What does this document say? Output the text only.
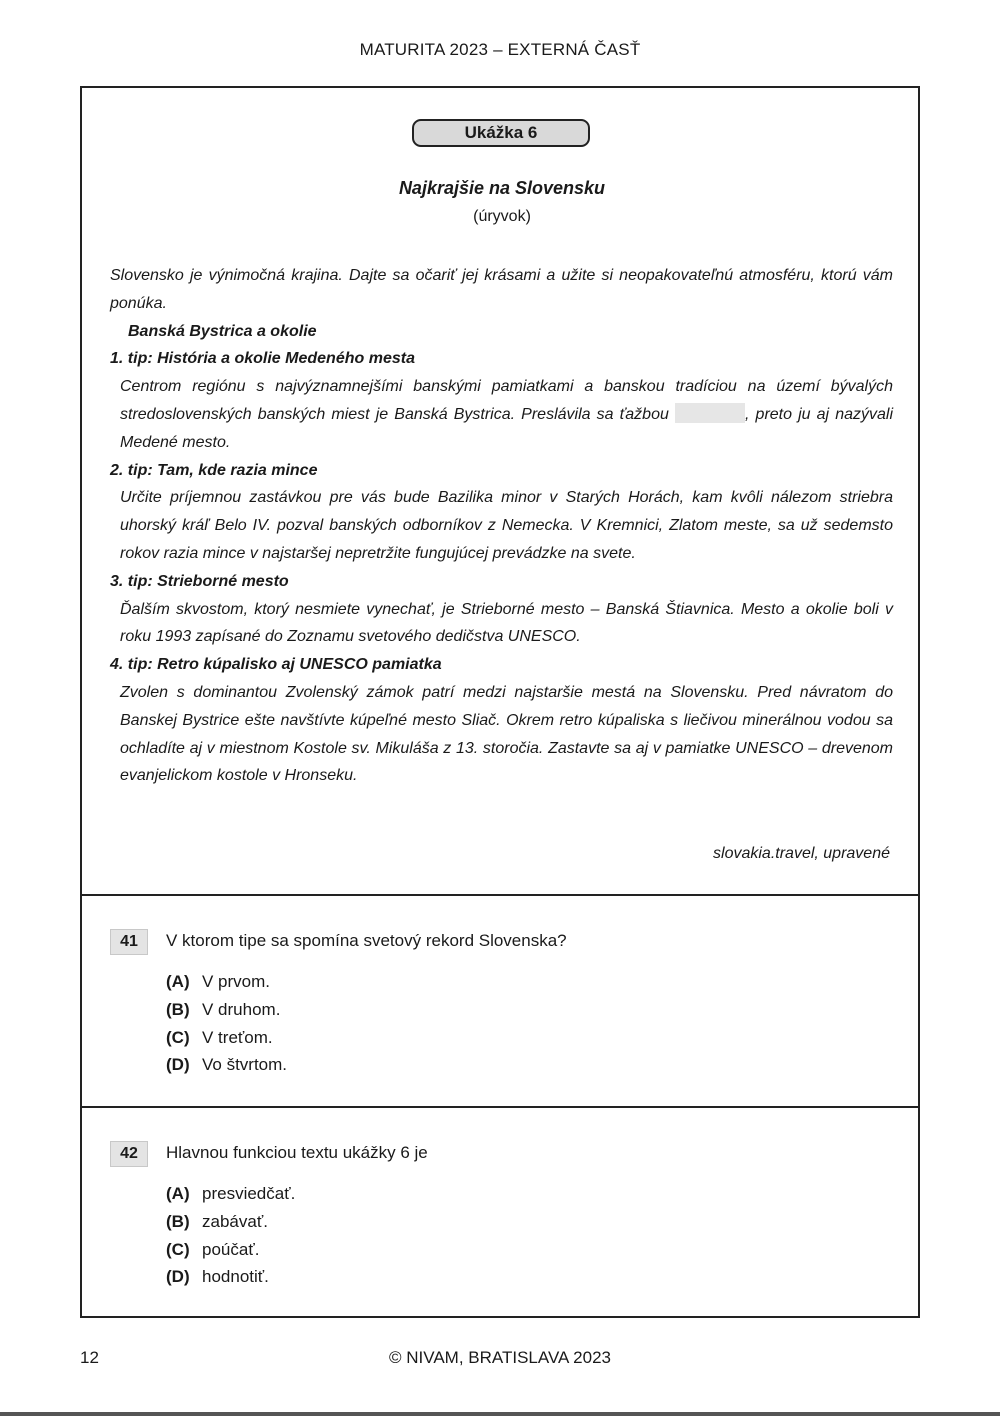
MATURITA 2023 – EXTERNÁ ČASŤ
Ukážka 6
Najkrajšie na Slovensku
(úryvok)

Slovensko je výnimočná krajina. Dajte sa očariť jej krásami a užite si neopakovateľnú atmosféru, ktorú vám ponúka.

Banská Bystrica a okolie

1. tip: História a okolie Medeného mesta

Centrom regiónu s najvýznamnejšími banskými pamiatkami a banskou tradíciou na území bývalých stredoslovenských banských miest je Banská Bystrica. Preslávila sa ťažbou	, preto ju aj nazývali Medené mesto.

2. tip: Tam, kde razia mince

Určite príjemnou zastávkou pre vás bude Bazilika minor v Starých Horách, kam kvôli nálezom striebra uhorský kráľ Belo IV. pozval banských odborníkov z Nemecka. V Kremnici, Zlatom meste, sa už sedemsto rokov razia mince v najstaršej nepretržite fungujúcej prevádzke na svete.

3. tip: Strieborné mesto

Ďalším skvostom, ktorý nesmiete vynechať, je Strieborné mesto – Banská Štiavnica. Mesto a okolie boli v roku 1993 zapísané do Zoznamu svetového dedičstva UNESCO.

4. tip: Retro kúpalisko aj UNESCO pamiatka

Zvolen s dominantou Zvolenský zámok patrí medzi najstaršie mestá na Slovensku. Pred návratom do Banskej Bystrice ešte navštívte kúpeľné mesto Sliač. Okrem retro kúpaliska s liečivou minerálnou vodou sa ochladíte aj v miestnom Kostole sv. Mikuláša z 13. storočia. Zastavte sa aj v pamiatke UNESCO – drevenom evanjelickom kostole v Hronseku.

slovakia.travel, upravené
41	V ktorom tipe sa spomína svetový rekord Slovenska?
(A) V prvom.
(B) V druhom.
(C) V treťom.
(D) Vo štvrtom.
42	Hlavnou funkciou textu ukážky 6 je
(A) presviedčať.
(B) zabávať.
(C) poúčať.
(D) hodnotiť.
12	© NIVAM, BRATISLAVA 2023
